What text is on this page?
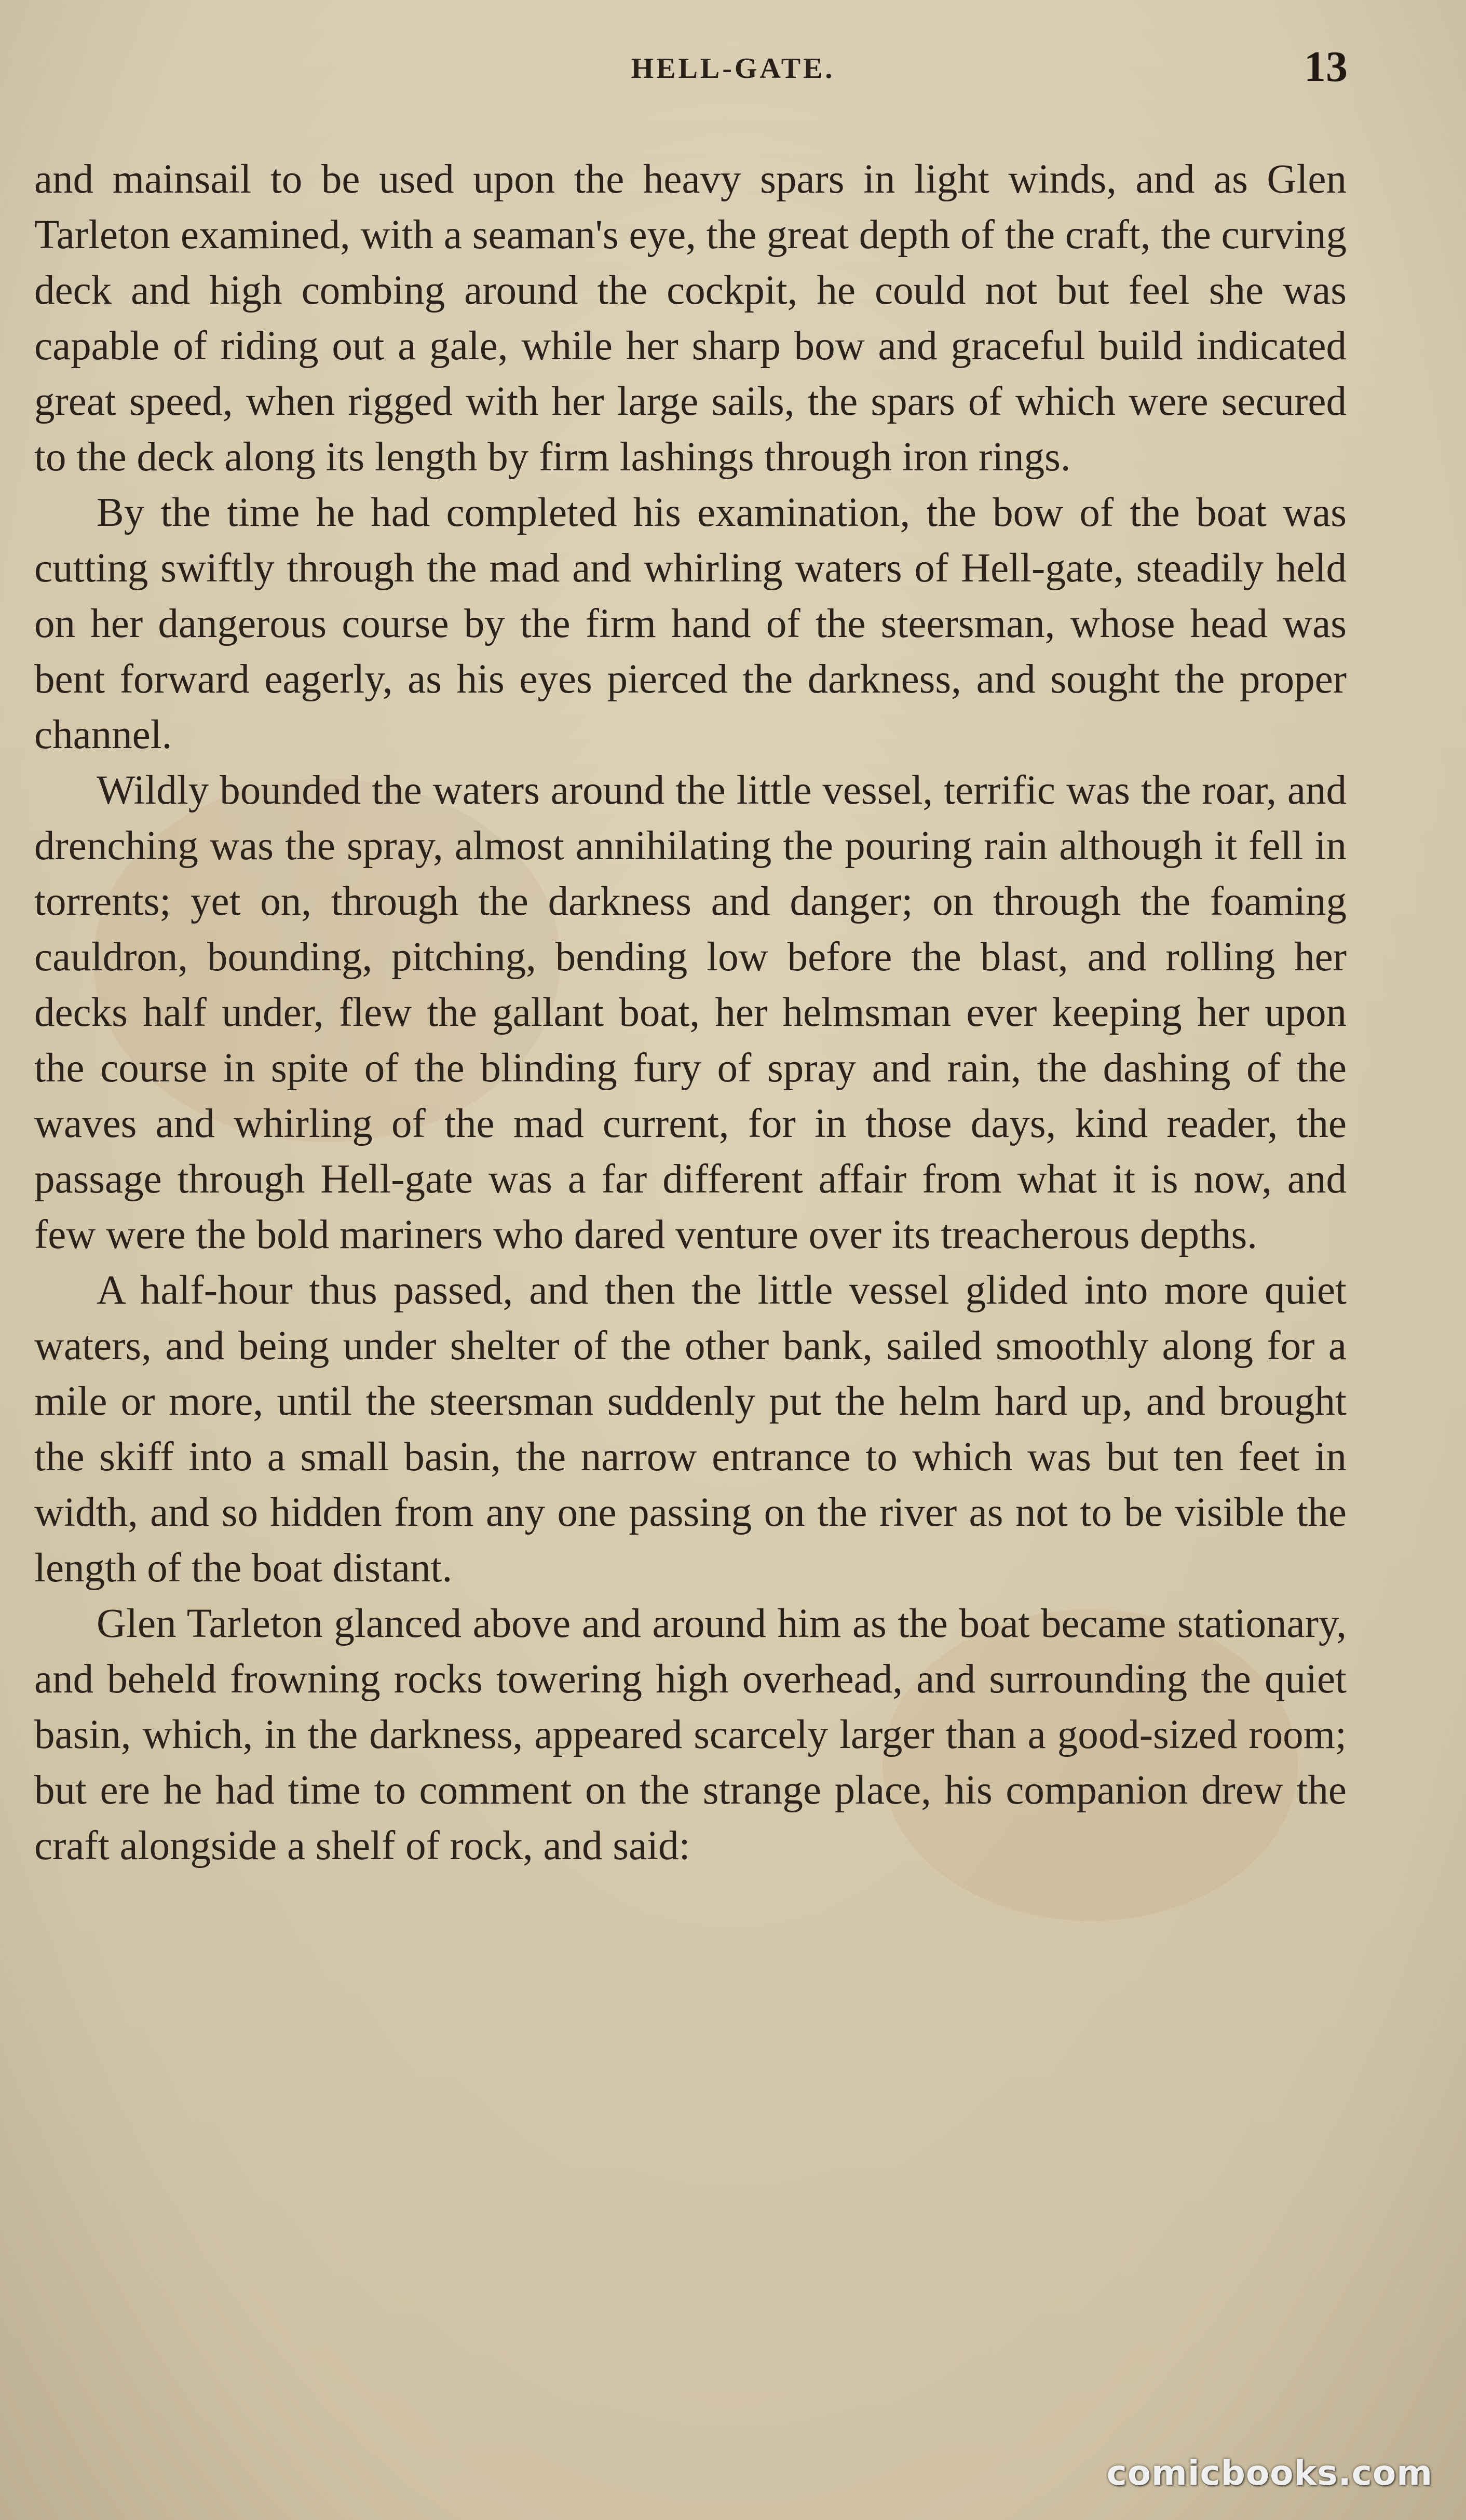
HELL-GATE.	13

and mainsail to be used upon the heavy spars in light winds, and as Glen Tarleton examined, with a seaman's eye, the great depth of the craft, the curving deck and high combing around the cockpit, he could not but feel she was capable of riding out a gale, while her sharp bow and graceful build indicated great speed, when rigged with her large sails, the spars of which were secured to the deck along its length by firm lashings through iron rings.

By the time he had completed his examination, the bow of the boat was cutting swiftly through the mad and whirling waters of Hell-gate, steadily held on her dangerous course by the firm hand of the steersman, whose head was bent forward eagerly, as his eyes pierced the darkness, and sought the proper channel.

Wildly bounded the waters around the little vessel, terrific was the roar, and drenching was the spray, almost annihilating the pouring rain although it fell in torrents; yet on, through the darkness and danger; on through the foaming cauldron, bounding, pitching, bending low before the blast, and rolling her decks half under, flew the gallant boat, her helmsman ever keeping her upon the course in spite of the blinding fury of spray and rain, the dashing of the waves and whirling of the mad current, for in those days, kind reader, the passage through Hell-gate was a far different affair from what it is now, and few were the bold mariners who dared venture over its treacherous depths.

A half-hour thus passed, and then the little vessel glided into more quiet waters, and being under shelter of the other bank, sailed smoothly along for a mile or more, until the steersman suddenly put the helm hard up, and brought the skiff into a small basin, the narrow entrance to which was but ten feet in width, and so hidden from any one passing on the river as not to be visible the length of the boat distant.

Glen Tarleton glanced above and around him as the boat became stationary, and beheld frowning rocks towering high overhead, and surrounding the quiet basin, which, in the darkness, appeared scarcely larger than a good-sized room; but ere he had time to comment on the strange place, his companion drew the craft alongside a shelf of rock, and said:

comicbooks.com
